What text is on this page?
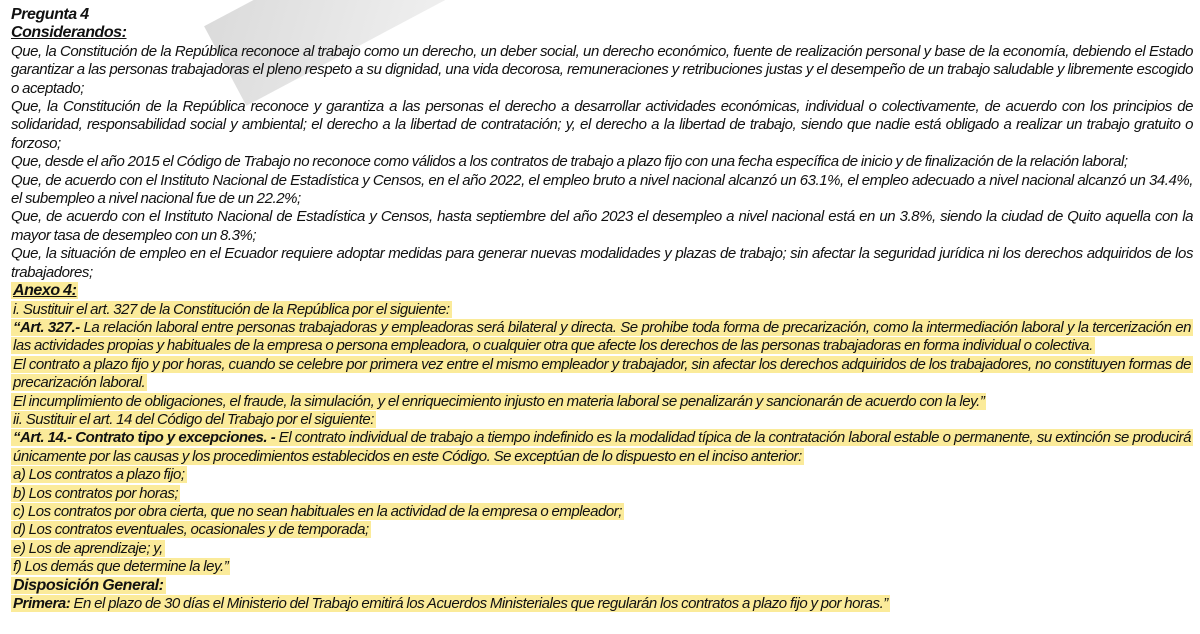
Pregunta 4
Considerandos:
Que, la Constitución de la República reconoce al trabajo como un derecho, un deber social, un derecho económico, fuente de realización personal y base de la economía, debiendo el Estado garantizar a las personas trabajadoras el pleno respeto a su dignidad, una vida decorosa, remuneraciones y retribuciones justas y el desempeño de un trabajo saludable y libremente escogido o aceptado;
Que, la Constitución de la República reconoce y garantiza a las personas el derecho a desarrollar actividades económicas, individual o colectivamente, de acuerdo con los principios de solidaridad, responsabilidad social y ambiental; el derecho a la libertad de contratación; y, el derecho a la libertad de trabajo, siendo que nadie está obligado a realizar un trabajo gratuito o forzoso;
Que, desde el año 2015 el Código de Trabajo no reconoce como válidos a los contratos de trabajo a plazo fijo con una fecha específica de inicio y de finalización de la relación laboral;
Que, de acuerdo con el Instituto Nacional de Estadística y Censos, en el año 2022, el empleo bruto a nivel nacional alcanzó un 63.1%, el empleo adecuado a nivel nacional alcanzó un 34.4%, el subempleo a nivel nacional fue de un 22.2%;
Que, de acuerdo con el Instituto Nacional de Estadística y Censos, hasta septiembre del año 2023 el desempleo a nivel nacional está en un 3.8%, siendo la ciudad de Quito aquella con la mayor tasa de desempleo con un 8.3%;
Que, la situación de empleo en el Ecuador requiere adoptar medidas para generar nuevas modalidades y plazas de trabajo; sin afectar la seguridad jurídica ni los derechos adquiridos de los trabajadores;
Anexo 4:
i. Sustituir el art. 327 de la Constitución de la República por el siguiente:
“Art. 327.- La relación laboral entre personas trabajadoras y empleadoras será bilateral y directa. Se prohibe toda forma de precarización, como la intermediación laboral y la tercerización en las actividades propias y habituales de la empresa o persona empleadora, o cualquier otra que afecte los derechos de las personas trabajadoras en forma individual o colectiva.
El contrato a plazo fijo y por horas, cuando se celebre por primera vez entre el mismo empleador y trabajador, sin afectar los derechos adquiridos de los trabajadores, no constituyen formas de precarización laboral.
El incumplimiento de obligaciones, el fraude, la simulación, y el enriquecimiento injusto en materia laboral se penalizarán y sancionarán de acuerdo con la ley.”
ii. Sustituir el art. 14 del Código del Trabajo por el siguiente:
“Art. 14.- Contrato tipo y excepciones. - El contrato individual de trabajo a tiempo indefinido es la modalidad típica de la contratación laboral estable o permanente, su extinción se producirá únicamente por las causas y los procedimientos establecidos en este Código. Se exceptúan de lo dispuesto en el inciso anterior:
a) Los contratos a plazo fijo;
b) Los contratos por horas;
c) Los contratos por obra cierta, que no sean habituales en la actividad de la empresa o empleador;
d) Los contratos eventuales, ocasionales y de temporada;
e) Los de aprendizaje; y,
f) Los demás que determine la ley.”
Disposición General:
Primera: En el plazo de 30 días el Ministerio del Trabajo emitirá los Acuerdos Ministeriales que regularán los contratos a plazo fijo y por horas.”
